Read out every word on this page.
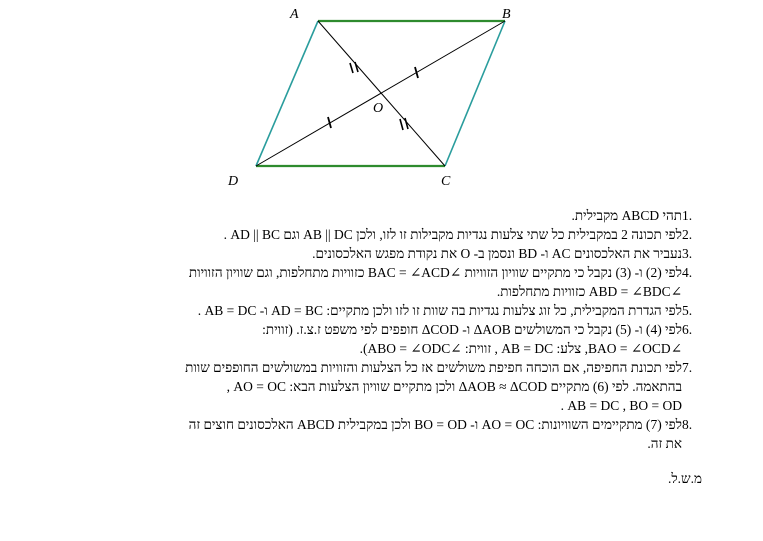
A	B
C
D
O
1.
תהי ABCD מקבילית.
2.
לפי תכונה 2 במקבילית כל שתי צלעות נגדיות מקבילות זו לזו, ולכן AB || DC וגם AD || BC .
3.
נעביר את האלכסונים AC ו- BD ונסמן ב- O את נקודת מפגש האלכסונים.
4.
לפי (2) ו- (3) נקבל כי מתקיים שוויון הזוויות ∠BAC = ∠ACD כזוויות מתחלפות, וגם שוויון הזוויות
∠ABD = ∠BDC כזוויות מתחלפות.
5.
לפי הגדרת המקבילית, כל זוג צלעות נגדיות בה שוות זו לזו ולכן מתקיים: AD = BC ו- AB = DC .
6.
לפי (4) ו- (5) נקבל כי המשולשים ΔAOB ו- ΔCOD חופפים לפי משפט ז.צ.ז. (זווית:
∠BAO = ∠OCD, צלע: AB = DC , זווית: ∠ABO = ∠ODC).
7.
לפי תכונת החפיפה, אם הוכחה חפיפת משולשים אז כל הצלעות והזוויות במשולשים החופפים שוות
בהתאמה. לפי (6) מתקיים ΔAOB ≈ ΔCOD ולכן מתקיים שוויון הצלעות הבא: AO = OC ,
AB = DC , BO = OD .
8.
לפי (7) מתקיימים השוויונות: AO = OC ו- BO = OD ולכן במקבילית ABCD האלכסונים חוצים זה
את זה.
מ.ש.ל.
